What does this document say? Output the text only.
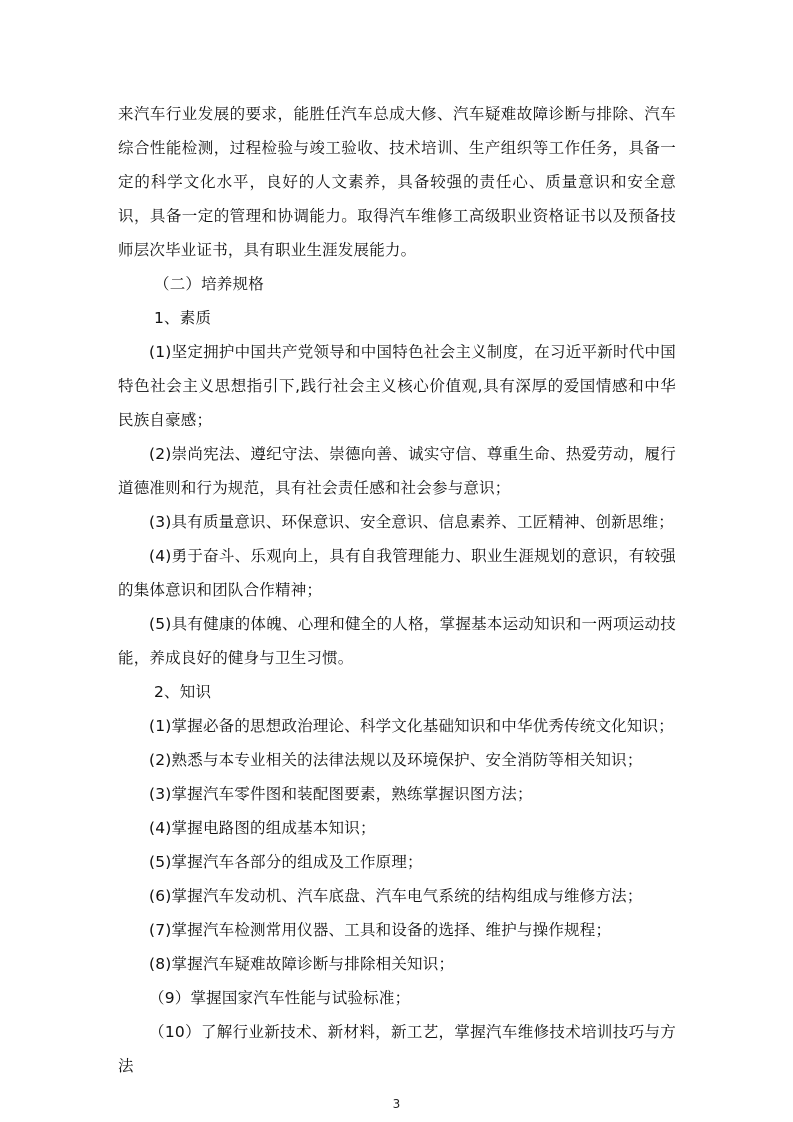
来汽车行业发展的要求，能胜任汽车总成大修、汽车疑难故障诊断与排除、汽车综合性能检测，过程检验与竣工验收、技术培训、生产组织等工作任务，具备一定的科学文化水平，良好的人文素养，具备较强的责任心、质量意识和安全意识，具备一定的管理和协调能力。取得汽车维修工高级职业资格证书以及预备技师层次毕业证书，具有职业生涯发展能力。

（二）培养规格

1、素质

(1)坚定拥护中国共产党领导和中国特色社会主义制度，在习近平新时代中国特色社会主义思想指引下,践行社会主义核心价值观,具有深厚的爱国情感和中华民族自豪感；

(2)崇尚宪法、遵纪守法、崇德向善、诚实守信、尊重生命、热爱劳动，履行道德准则和行为规范，具有社会责任感和社会参与意识；

(3)具有质量意识、环保意识、安全意识、信息素养、工匠精神、创新思维；

(4)勇于奋斗、乐观向上，具有自我管理能力、职业生涯规划的意识，有较强的集体意识和团队合作精神；

(5)具有健康的体魄、心理和健全的人格，掌握基本运动知识和一两项运动技能，养成良好的健身与卫生习惯。

2、知识

(1)掌握必备的思想政治理论、科学文化基础知识和中华优秀传统文化知识；

(2)熟悉与本专业相关的法律法规以及环境保护、安全消防等相关知识；

(3)掌握汽车零件图和装配图要素，熟练掌握识图方法；

(4)掌握电路图的组成基本知识；

(5)掌握汽车各部分的组成及工作原理；

(6)掌握汽车发动机、汽车底盘、汽车电气系统的结构组成与维修方法；

(7)掌握汽车检测常用仪器、工具和设备的选择、维护与操作规程；

(8)掌握汽车疑难故障诊断与排除相关知识；

（9）掌握国家汽车性能与试验标准；

（10）了解行业新技术、新材料，新工艺，掌握汽车维修技术培训技巧与方法

3
